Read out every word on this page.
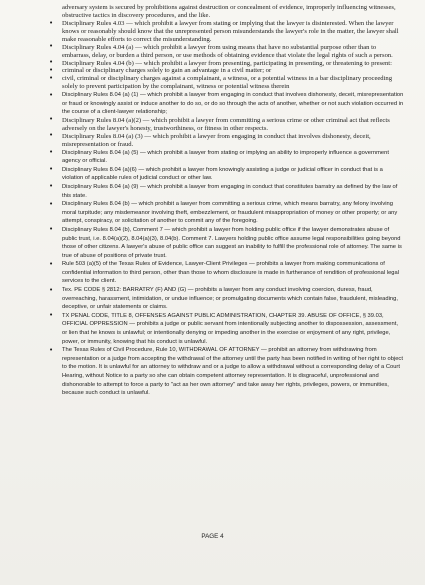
adversary system is secured by prohibitions against destruction or concealment of evidence, improperly influencing witnesses, obstructive tactics in discovery procedures, and the like.

• Disciplinary Rules 4.03 — which prohibit a lawyer from stating or implying that the lawyer is disinterested. When the lawyer knows or reasonably should know that the unrepresented person misunderstands the lawyer's role in the matter, the lawyer shall make reasonable efforts to correct the misunderstanding.
• Disciplinary Rules 4.04 (a) — which prohibit a lawyer from using means that have no substantial purpose other than to embarrass, delay, or burden a third person, or use methods of obtaining evidence that violate the legal rights of such a person.
• Disciplinary Rules 4.04 (b) — which prohibit a lawyer from presenting, participating in presenting, or threatening to present:
• criminal or disciplinary charges solely to gain an advantage in a civil matter; or
• civil, criminal or disciplinary charges against a complainant, a witness, or a potential witness in a bar disciplinary proceeding solely to prevent participation by the complainant, witness or potential witness therein
• Disciplinary Rules 8.04 (a) (1) — which prohibit a lawyer from engaging in conduct that involves dishonesty, deceit, misrepresentation or fraud or knowingly assist or induce another to do so, or do so through the acts of another, whether or not such violation occurred in the course of a client-lawyer relationship;
• Disciplinary Rules 8.04 (a)(2) — which prohibit a lawyer from committing a serious crime or other criminal act that reflects adversely on the lawyer's honesty, trustworthiness, or fitness in other respects.
• Disciplinary Rules 8.04 (a) (3) — which prohibit a lawyer from engaging in conduct that involves dishonesty, deceit, misrepresentation or fraud.
• Disciplinary Rules 8.04 (a) (5) — which prohibit a lawyer from stating or implying an ability to improperly influence a government agency or official.
• Disciplinary Rules 8.04 (a)(6) — which prohibit a lawyer from knowingly assisting a judge or judicial officer in conduct that is a violation of applicable rules of judicial conduct or other law.
• Disciplinary Rules 8.04 (a) (9) — which prohibit a lawyer from engaging in conduct that constitutes barratry as defined by the law of this state.
• Disciplinary Rules 8.04 (b) — which prohibit a lawyer from committing a serious crime, which means barratry, any felony involving moral turpitude; any misdemeanor involving theft, embezzlement, or fraudulent misappropriation of money or other property; or any attempt, conspiracy, or solicitation of another to commit any of the foregoing.
• Disciplinary Rules 8.04 (b), Comment 7 — which prohibit a lawyer from holding public office if the lawyer demonstrates abuse of public trust, i.e. 8.04(a)(2), 8.04(a)(3), 8.04(b). Comment 7. Lawyers holding public office assume legal responsibilities going beyond those of other citizens. A lawyer's abuse of public office can suggest an inability to fulfill the professional role of attorney. The same is true of abuse of positions of private trust.
• Rule 503 (a)(5) of the Texas Rules of Evidence, Lawyer-Client Privileges — prohibits a lawyer from making communications of confidential information to third person, other than those to whom disclosure is made in furtherance of rendition of professional legal services to the client.
• Tex. PE CODE § 2812: BARRATRY (F) AND (G) — prohibits a lawyer from any conduct involving coercion, duress, fraud, overreaching, harassment, intimidation, or undue influence; or promulgating documents which contain false, fraudulent, misleading, deceptive, or unfair statements or claims.
• TX PENAL CODE, TITLE 8, OFFENSES AGAINST PUBLIC ADMINISTRATION, CHAPTER 39. ABUSE OF OFFICE, § 39.03, OFFICIAL OPPRESSION — prohibits a judge or public servant from intentionally subjecting another to dispossession, assessment, or lien that he knows is unlawful; or intentionally denying or impeding another in the exercise or enjoyment of any right, privilege, power, or immunity, knowing that his conduct is unlawful.
• The Texas Rules of Civil Procedure, Rule 10, WITHDRAWAL OF ATTORNEY — prohibit an attorney from withdrawing from representation or a judge from accepting the withdrawal of the attorney until the party has been notified in writing of her right to object to the motion. It is unlawful for an attorney to withdraw and or a judge to allow a withdrawal without a corresponding delay of a Court Hearing, without Notice to a party so she can obtain competent attorney representation. It is disgraceful, unprofessional and dishonorable to attempt to force a party to "act as her own attorney" and take away her rights, privileges, powers, or immunities, because such conduct is unlawful.
PAGE 4
